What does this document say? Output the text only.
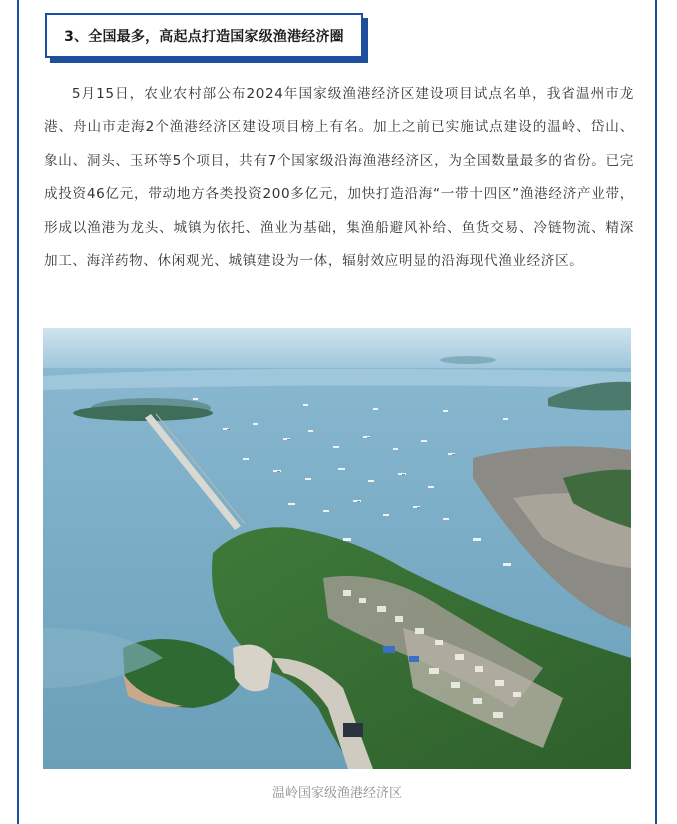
3、全国最多，高起点打造国家级渔港经济圈

5月15日，农业农村部公布2024年国家级渔港经济区建设项目试点名单，我省温州市龙港、舟山市走海2个渔港经济区建设项目榜上有名。加上之前已实施试点建设的温岭、岱山、象山、洞头、玉环等5个项目，共有7个国家级沿海渔港经济区，为全国数量最多的省份。已完成投资46亿元，带动地方各类投资200多亿元，加快打造沿海“一带十四区”渔港经济产业带，形成以渔港为龙头、城镇为依托、渔业为基础，集渔船避风补给、鱼货交易、冷链物流、精深加工、海洋药物、休闲观光、城镇建设为一体，辐射效应明显的沿海现代渔业经济区。

温岭国家级渔港经济区
